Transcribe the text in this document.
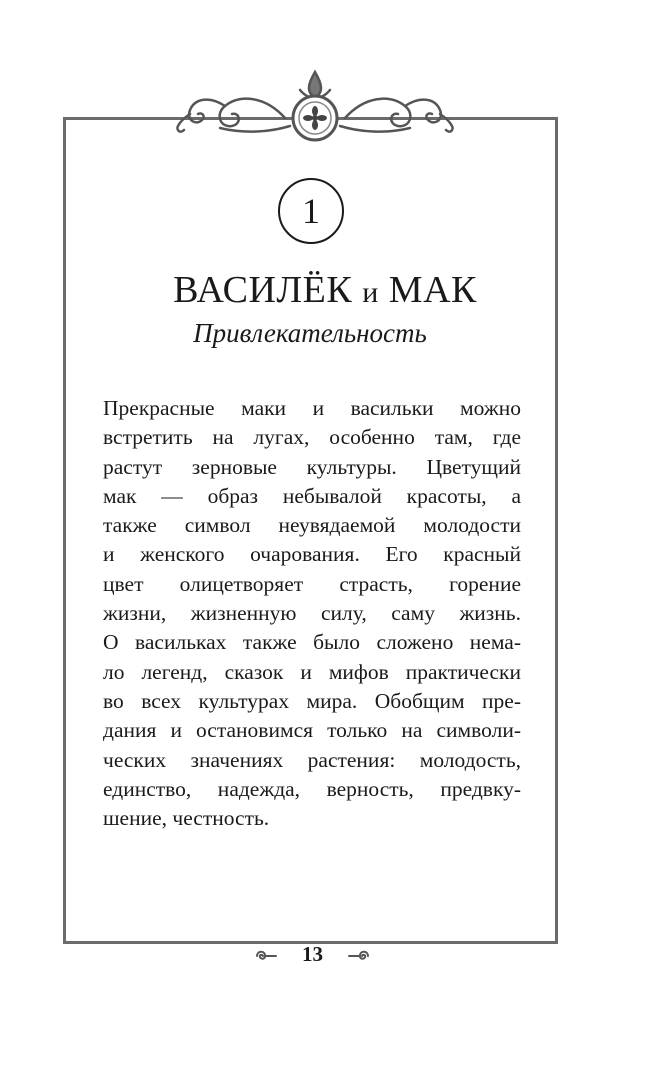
1
ВАСИЛЁК и МАК
Привлекательность
Прекрасные маки и васильки можно
встретить на лугах, особенно там, где
растут зерновые культуры. Цветущий
мак — образ небывалой красоты, а
также символ неувядаемой молодости
и женского очарования. Его красный
цвет олицетворяет страсть, горение
жизни, жизненную силу, саму жизнь.
О васильках также было сложено нема-
ло легенд, сказок и мифов практически
во всех культурах мира. Обобщим пре-
дания и остановимся только на символи-
ческих значениях растения: молодость,
единство, надежда, верность, предвку-
шение, честность.
13
